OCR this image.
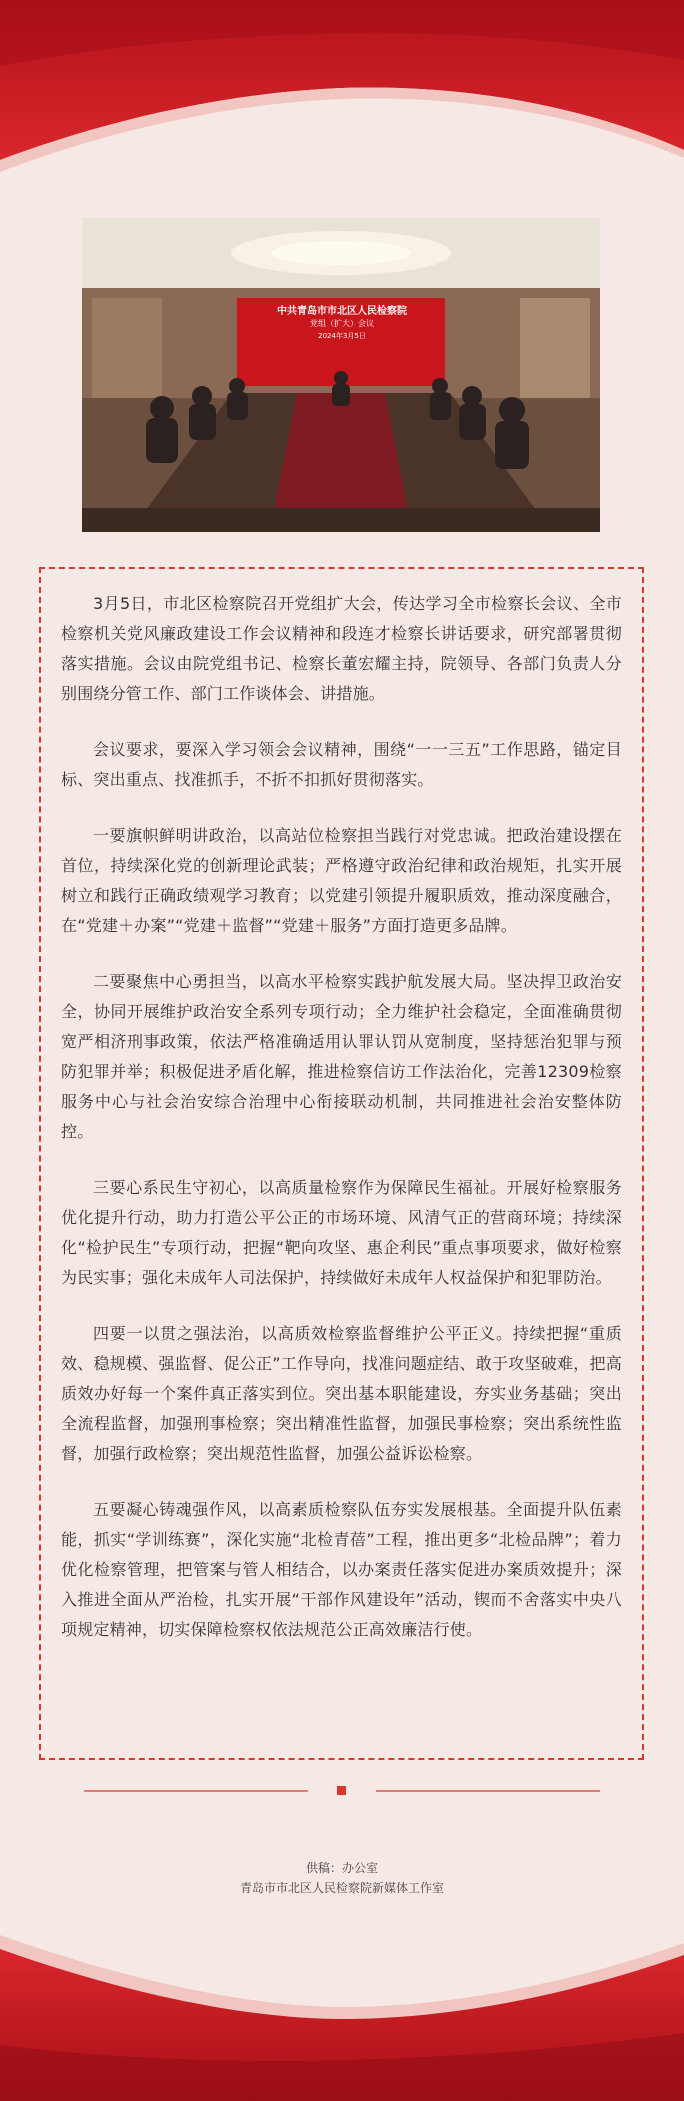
中共青岛市市北区人民检察院
党组（扩大）会议
2024年3月5日

3月5日，市北区检察院召开党组扩大会，传达学习全市检察长会议、全市检察机关党风廉政建设工作会议精神和段连才检察长讲话要求，研究部署贯彻落实措施。会议由院党组书记、检察长董宏耀主持，院领导、各部门负责人分别围绕分管工作、部门工作谈体会、讲措施。

会议要求，要深入学习领会会议精神，围绕“一一三五”工作思路，锚定目标、突出重点、找准抓手，不折不扣抓好贯彻落实。

一要旗帜鲜明讲政治，以高站位检察担当践行对党忠诚。把政治建设摆在首位，持续深化党的创新理论武装；严格遵守政治纪律和政治规矩，扎实开展树立和践行正确政绩观学习教育；以党建引领提升履职质效，推动深度融合，在“党建＋办案”“党建＋监督”“党建＋服务”方面打造更多品牌。

二要聚焦中心勇担当，以高水平检察实践护航发展大局。坚决捍卫政治安全，协同开展维护政治安全系列专项行动；全力维护社会稳定，全面准确贯彻宽严相济刑事政策，依法严格准确适用认罪认罚从宽制度，坚持惩治犯罪与预防犯罪并举；积极促进矛盾化解，推进检察信访工作法治化，完善12309检察服务中心与社会治安综合治理中心衔接联动机制，共同推进社会治安整体防控。

三要心系民生守初心，以高质量检察作为保障民生福祉。开展好检察服务优化提升行动，助力打造公平公正的市场环境、风清气正的营商环境；持续深化“检护民生”专项行动，把握“靶向攻坚、惠企利民”重点事项要求，做好检察为民实事；强化未成年人司法保护，持续做好未成年人权益保护和犯罪防治。

四要一以贯之强法治，以高质效检察监督维护公平正义。持续把握“重质效、稳规模、强监督、促公正”工作导向，找准问题症结、敢于攻坚破难，把高质效办好每一个案件真正落实到位。突出基本职能建设，夯实业务基础；突出全流程监督，加强刑事检察；突出精准性监督，加强民事检察；突出系统性监督，加强行政检察；突出规范性监督，加强公益诉讼检察。

五要凝心铸魂强作风，以高素质检察队伍夯实发展根基。全面提升队伍素能，抓实“学训练赛”，深化实施“北检青蓓”工程，推出更多“北检品牌”；着力优化检察管理，把管案与管人相结合，以办案责任落实促进办案质效提升；深入推进全面从严治检，扎实开展“干部作风建设年”活动，锲而不舍落实中央八项规定精神，切实保障检察权依法规范公正高效廉洁行使。

供稿：办公室
青岛市市北区人民检察院新媒体工作室
